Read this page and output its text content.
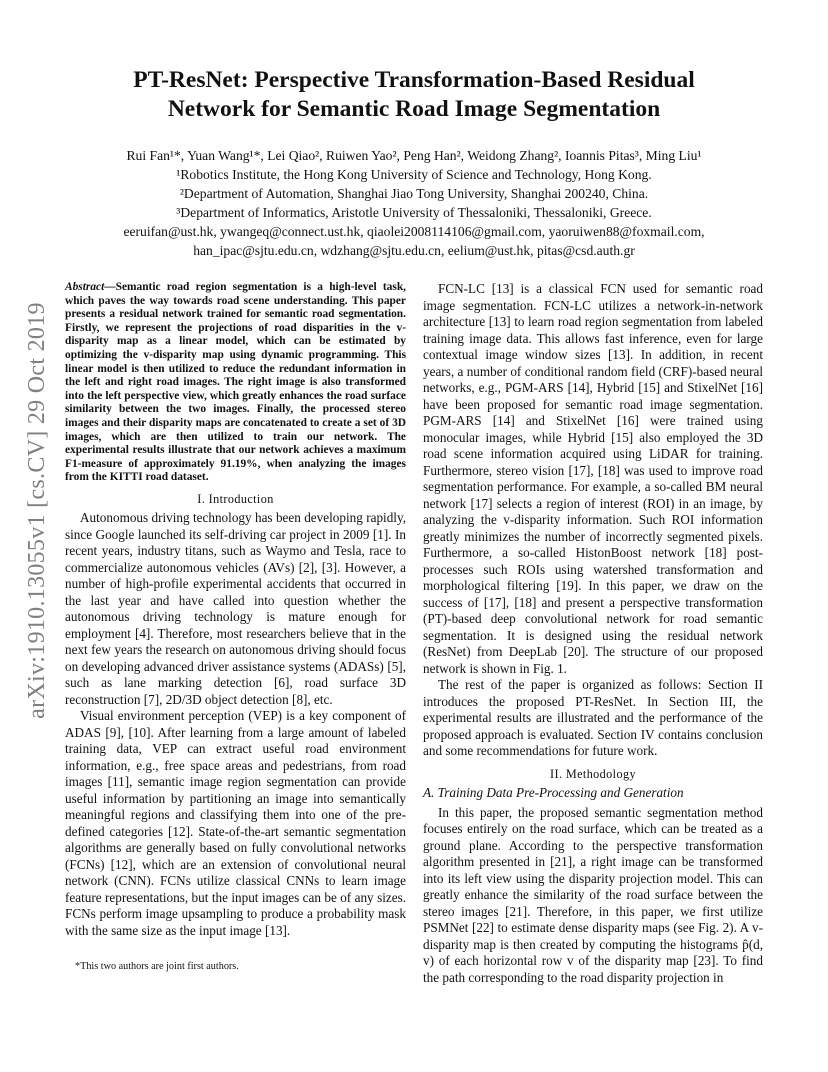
arXiv:1910.13055v1 [cs.CV] 29 Oct 2019
PT-ResNet: Perspective Transformation-Based Residual
Network for Semantic Road Image Segmentation
Rui Fan¹*, Yuan Wang¹*, Lei Qiao², Ruiwen Yao², Peng Han², Weidong Zhang², Ioannis Pitas³, Ming Liu¹
¹Robotics Institute, the Hong Kong University of Science and Technology, Hong Kong.
²Department of Automation, Shanghai Jiao Tong University, Shanghai 200240, China.
³Department of Informatics, Aristotle University of Thessaloniki, Thessaloniki, Greece.
eeruifan@ust.hk, ywangeq@connect.ust.hk, qiaolei2008114106@gmail.com, yaoruiwen88@foxmail.com,
han_ipac@sjtu.edu.cn, wdzhang@sjtu.edu.cn, eelium@ust.hk, pitas@csd.auth.gr
Abstract—Semantic road region segmentation is a high-level task, which paves the way towards road scene understanding. This paper presents a residual network trained for semantic road segmentation. Firstly, we represent the projections of road disparities in the v-disparity map as a linear model, which can be estimated by optimizing the v-disparity map using dynamic programming. This linear model is then utilized to reduce the redundant information in the left and right road images. The right image is also transformed into the left perspective view, which greatly enhances the road surface similarity between the two images. Finally, the processed stereo images and their disparity maps are concatenated to create a set of 3D images, which are then utilized to train our network. The experimental results illustrate that our network achieves a maximum F1-measure of approximately 91.19%, when analyzing the images from the KITTI road dataset.
I. Introduction

Autonomous driving technology has been developing rapidly, since Google launched its self-driving car project in 2009 [1]. In recent years, industry titans, such as Waymo and Tesla, race to commercialize autonomous vehicles (AVs) [2], [3]. However, a number of high-profile experimental accidents that occurred in the last year and have called into question whether the autonomous driving technology is mature enough for employment [4]. Therefore, most researchers believe that in the next few years the research on autonomous driving should focus on developing advanced driver assistance systems (ADASs) [5], such as lane marking detection [6], road surface 3D reconstruction [7], 2D/3D object detection [8], etc.

Visual environment perception (VEP) is a key component of ADAS [9], [10]. After learning from a large amount of labeled training data, VEP can extract useful road environment information, e.g., free space areas and pedestrians, from road images [11], semantic image region segmentation can provide useful information by partitioning an image into semantically meaningful regions and classifying them into one of the pre-defined categories [12]. State-of-the-art semantic segmentation algorithms are generally based on fully convolutional networks (FCNs) [12], which are an extension of convolutional neural network (CNN). FCNs utilize classical CNNs to learn image feature representations, but the input images can be of any sizes. FCNs perform image upsampling to produce a probability mask with the same size as the input image [13].

FCN-LC [13] is a classical FCN used for semantic road image segmentation. FCN-LC utilizes a network-in-network architecture [13] to learn road region segmentation from labeled training image data. This allows fast inference, even for large contextual image window sizes [13]. In addition, in recent years, a number of conditional random field (CRF)-based neural networks, e.g., PGM-ARS [14], Hybrid [15] and StixelNet [16] have been proposed for semantic road image segmentation. PGM-ARS [14] and StixelNet [16] were trained using monocular images, while Hybrid [15] also employed the 3D road scene information acquired using LiDAR for training. Furthermore, stereo vision [17], [18] was used to improve road segmentation performance. For example, a so-called BM neural network [17] selects a region of interest (ROI) in an image, by analyzing the v-disparity information. Such ROI information greatly minimizes the number of incorrectly segmented pixels. Furthermore, a so-called HistonBoost network [18] post-processes such ROIs using watershed transformation and morphological filtering [19]. In this paper, we draw on the success of [17], [18] and present a perspective transformation (PT)-based deep convolutional network for road semantic segmentation. It is designed using the residual network (ResNet) from DeepLab [20]. The structure of our proposed network is shown in Fig. 1.

The rest of the paper is organized as follows: Section II introduces the proposed PT-ResNet. In Section III, the experimental results are illustrated and the performance of the proposed approach is evaluated. Section IV contains conclusion and some recommendations for future work.

II. Methodology
A. Training Data Pre-Processing and Generation

In this paper, the proposed semantic segmentation method focuses entirely on the road surface, which can be treated as a ground plane. According to the perspective transformation algorithm presented in [21], a right image can be transformed into its left view using the disparity projection model. This can greatly enhance the similarity of the road surface between the stereo images [21]. Therefore, in this paper, we first utilize PSMNet [22] to estimate dense disparity maps (see Fig. 2). A v-disparity map is then created by computing the histograms p̂(d, v) of each horizontal row v of the disparity map [23]. To find the path corresponding to the road disparity projection in

*This two authors are joint first authors.
